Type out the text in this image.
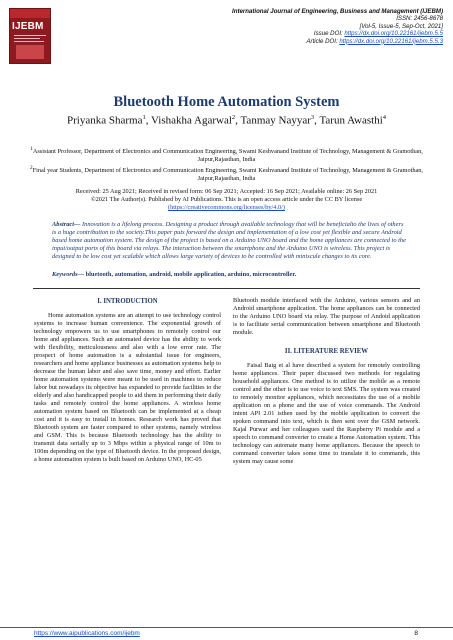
IJEBM
International Journal of Engineering, Business and Management (IJEBM)
ISSN: 2456-8678
[Vol-5, Issue-5, Sep-Oct, 2021]
Issue DOI: https://dx.doi.org/10.22161/ijebm.5.5
Article DOI: https://dx.doi.org/10.22161/ijebm.5.5.3
Bluetooth Home Automation System
Priyanka Sharma$^1$, Vishakha Agarwal$^2$, Tanmay Nayyar$^3$, Tarun Awasthi$^4$
$^1$Assistant Professor, Department of Electronics and Communication Engineering, Swami Keshvanand Institute of Technology, Management & Gramothan, Jaipur,Rajasthan, India
$^2$Final year Students, Department of Electronics and Communication Engineering, Swami Keshvanand Institute of Technology, Management & Gramothan, Jaipur,Rajasthan, India
Received: 25 Aug 2021; Received in revised form: 06 Sep 2021; Accepted: 16 Sep 2021; Available online: 26 Sep 2021
©2021 The Author(s). Published by AI Publications. This is an open access article under the CC BY license
(https://creativecommons.org/licenses/by/4.0/)
Abstract— Innovation is a lifelong process. Designing a product through available technology that will be beneficialto the lives of others is a huge contribution to the society.This paper puts forward the design and implementation of a low cost yet flexible and secure Android based home automation system. The design of the project is based on a Arduino UNO board and the home appliances are connected to the input/output ports of this board via relays. The interaction between the smartphone and the Arduino UNO is wireless. This project is designed to be low cost yet scalable which allows large variety of devices to be controlled with miniscule changes to its core.
Keywords— bluetooth, automation, android, mobile application, arduino, microcontroller.
I. INTRODUCTION

Home automation systems are an attempt to use technology control systems to increase human convenience. The exponential growth of technology empowers us to use smartphones to remotely control our home and appliances. Such an automated device has the ability to work with flexibility, meticulousness and also with a low error rate. The prospect of home automation is a substantial issue for engineers, researchers and home appliance businesses as automation systems help to decrease the human labor and also save time, money and effort. Earlier home automation systems were meant to be used in machines to reduce labor but nowadays its objective has expanded to provide facilities to the elderly and also handicapped people to aid them in performing their daily tasks and remotely control the home appliances. A wireless home automation system based on Bluetooth can be implemented at a cheap cost and it is easy to install in homes. Research work has proved that Bluetooth system are faster compared to other systems, namely wireless and GSM. This is because Bluetooth technology has the ability to transmit data serially up to 3 Mbps within a physical range of 10m to 100m depending on the type of Bluetooth device. In the proposed design, a home automation system is built based on Arduino UNO, HC-05

Bluetooth module interfaced with the Arduino, various sensors and an Android smartphone application. The home appliances can be connected to the Arduino UNO board via relay. The purpose of Andoid application is to facilitate serial communication between smartphone and Bluetooth module.

II. LITERATURE REVIEW

Faisal Baig et al have described a system for remotely controlling home appliances. Their paper discussed two methods for regulating household appliances. One method is to utilize the mobile as a remote control and the other is to use voice to text SMS. The system was created to remotely monitor appliances, which necessitates the use of a mobile application on a phone and the use of voice commands. The Android intent API 2.01 isthen used by the mobile application to convert the spoken command into text, which is then sent over the GSM network. Kajal Purwar and her colleagues used the Raspberry Pi module and a speech to command converter to create a Home Automation system. This technology can automate many home appliances. Because the speech to command converter takes some time to translate it to commands, this system may cause some

https://www.aipublications.com/ijebm	8
